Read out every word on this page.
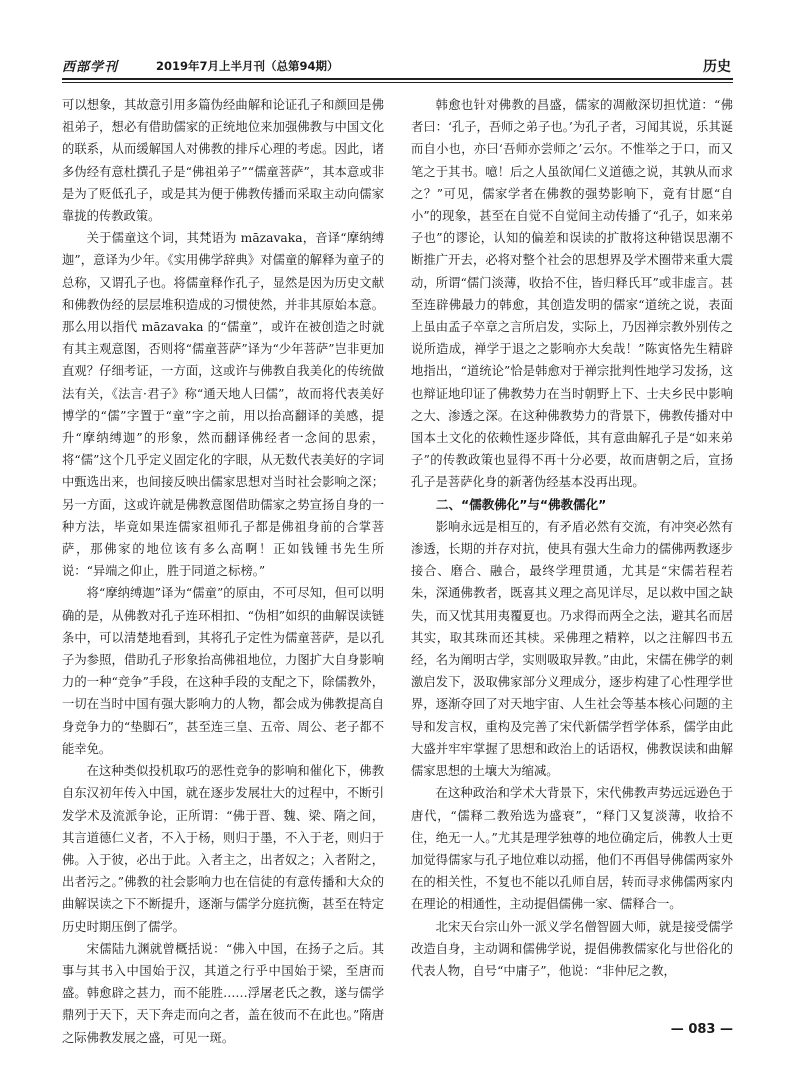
西部学刊	2019年7月上半月刊（总第94期）	历史

可以想象，其故意引用多篇伪经曲解和论证孔子和颜回是佛祖弟子，想必有借助儒家的正统地位来加强佛教与中国文化的联系，从而缓解国人对佛教的排斥心理的考虑。因此，诸多伪经有意杜撰孔子是“佛祖弟子”“儒童菩萨”，其本意或非是为了贬低孔子，或是其为便于佛教传播而采取主动向儒家靠拢的传教政策。

关于儒童这个词，其梵语为 māzavaka，音译“摩纳缚迦”，意译为少年。《实用佛学辞典》对儒童的解释为童子的总称，又谓孔子也。将儒童释作孔子，显然是因为历史文献和佛教伪经的层层堆积造成的习惯使然，并非其原始本意。那么用以指代 māzavaka 的“儒童”，或许在被创造之时就有其主观意图，否则将“儒童菩萨”译为“少年菩萨”岂非更加直观？仔细考证，一方面，这或许与佛教自我美化的传统做法有关，《法言·君子》称“通天地人曰儒”，故而将代表美好博学的“儒”字置于“童”字之前，用以抬高翻译的美感，提升“摩纳缚迦”的形象，然而翻译佛经者一念间的思索，将“儒”这个几乎定义固定化的字眼，从无数代表美好的字词中甄选出来，也间接反映出儒家思想对当时社会影响之深；另一方面，这或许就是佛教意图借助儒家之势宣扬自身的一种方法，毕竟如果连儒家祖师孔子都是佛祖身前的合掌菩萨，那佛家的地位该有多么高啊！正如钱锺书先生所说：“异端之仰止，胜于同道之标榜。”

将“摩纳缚迦”译为“儒童”的原由，不可尽知，但可以明确的是，从佛教对孔子连环相扣、“伪相”如织的曲解误读链条中，可以清楚地看到，其将孔子定性为儒童菩萨，是以孔子为参照，借助孔子形象抬高佛祖地位，力图扩大自身影响力的一种“竞争”手段，在这种手段的支配之下，除儒教外，一切在当时中国有强大影响力的人物，都会成为佛教提高自身竞争力的“垫脚石”，甚至连三皇、五帝、周公、老子都不能幸免。

在这种类似投机取巧的恶性竞争的影响和催化下，佛教自东汉初年传入中国，就在逐步发展壮大的过程中，不断引发学术及流派争论，正所谓：“佛于晋、魏、梁、隋之间，其言道德仁义者，不入于杨，则归于墨，不入于老，则归于佛。入于彼，必出于此。入者主之，出者奴之；入者附之，出者污之。”佛教的社会影响力也在信徒的有意传播和大众的曲解误读之下不断提升，逐渐与儒学分庭抗衡，甚至在特定历史时期压倒了儒学。

宋儒陆九渊就曾概括说：“佛入中国，在扬子之后。其事与其书入中国始于汉，其道之行乎中国始于梁，至唐而盛。韩愈辟之甚力，而不能胜……浮屠老氏之教，遂与儒学鼎列于天下，天下奔走而向之者，盖在彼而不在此也。”隋唐之际佛教发展之盛，可见一斑。

韩愈也针对佛教的昌盛，儒家的凋敝深切担忧道：“佛者曰：‘孔子，吾师之弟子也。’为孔子者，习闻其说，乐其诞而自小也，亦曰‘吾师亦尝师之’云尔。不惟举之于口，而又笔之于其书。噫！后之人虽欲闻仁义道德之说，其孰从而求之？”可见，儒家学者在佛教的强势影响下，竟有甘愿“自小”的现象，甚至在自觉不自觉间主动传播了“孔子，如来弟子也”的谬论，认知的偏差和误读的扩散将这种错误思潮不断推广开去，必将对整个社会的思想界及学术圈带来重大震动，所谓“儒门淡薄，收拾不住，皆归释氏耳”或非虚言。甚至连辟佛最力的韩愈，其创造发明的儒家“道统之说，表面上虽由孟子卒章之言所启发，实际上，乃因禅宗教外别传之说所造成，禅学于退之之影响亦大矣哉！”陈寅恪先生精辟地指出，“道统论”恰是韩愈对于禅宗批判性地学习发扬，这也辩证地印证了佛教势力在当时朝野上下、士夫乡民中影响之大、渗透之深。在这种佛教势力的背景下，佛教传播对中国本土文化的依赖性逐步降低，其有意曲解孔子是“如来弟子”的传教政策也显得不再十分必要，故而唐朝之后，宣扬孔子是菩萨化身的新著伪经基本没再出现。

二、“儒教佛化”与“佛教儒化”

影响永远是相互的，有矛盾必然有交流，有冲突必然有渗透，长期的并存对抗，使具有强大生命力的儒佛两教逐步接合、磨合、融合，最终学理贯通，尤其是“宋儒若程若朱，深通佛教者，既喜其义理之高见详尽，足以救中国之缺失，而又忧其用夷覆夏也。乃求得而两全之法，避其名而居其实，取其珠而还其椟。采佛理之精粹，以之注解四书五经，名为阐明古学，实则吸取异教。”由此，宋儒在佛学的刺激启发下，汲取佛家部分义理成分，逐步构建了心性理学世界，逐渐夺回了对天地宇宙、人生社会等基本核心问题的主导和发言权，重构及完善了宋代新儒学哲学体系，儒学由此大盛并牢牢掌握了思想和政治上的话语权，佛教误读和曲解儒家思想的土壤大为缩减。

在这种政治和学术大背景下，宋代佛教声势远远逊色于唐代，“儒释二教殆选为盛衰”，“释门又复淡薄，收拾不住，绝无一人。”尤其是理学独尊的地位确定后，佛教人士更加觉得儒家与孔子地位难以动摇，他们不再倡导佛儒两家外在的相关性，不复也不能以孔师自居，转而寻求佛儒两家内在理论的相通性，主动提倡儒佛一家、儒释合一。

北宋天台宗山外一派义学名僧智圆大师，就是接受儒学改造自身，主动调和儒佛学说，提倡佛教儒家化与世俗化的代表人物，自号“中庸子”，他说：“非仲尼之教，

— 083 —
